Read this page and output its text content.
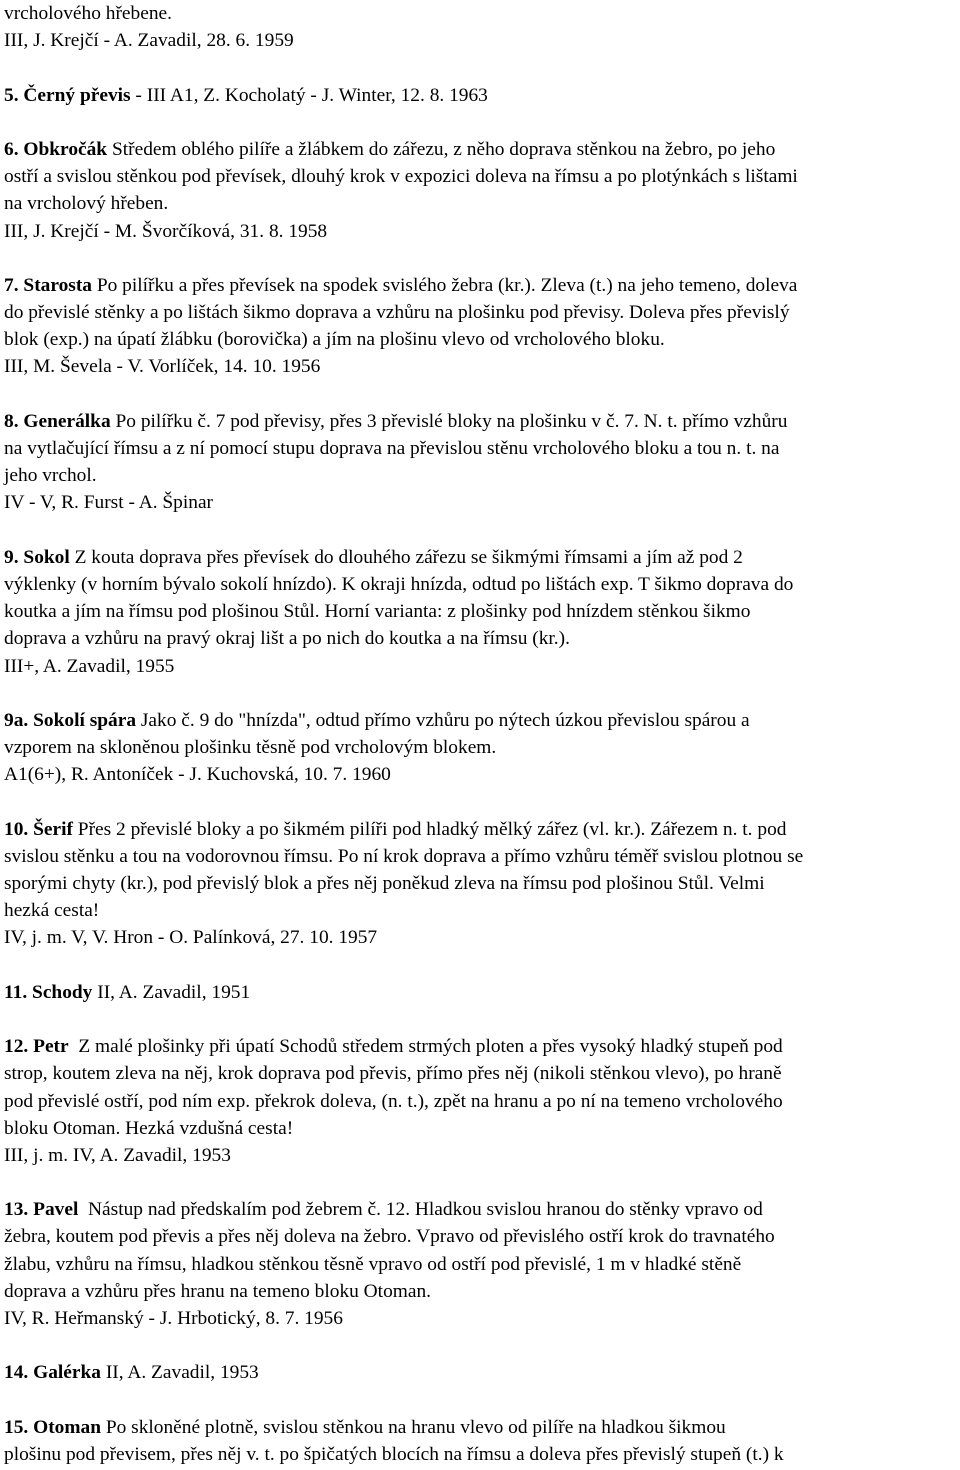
vrcholového hřebene.
III, J. Krejčí - A. Zavadil, 28. 6. 1959
5. Černý převis - III A1, Z. Kocholatý - J. Winter, 12. 8. 1963
6. Obkročák Středem oblého pilíře a žlábkem do zářezu, z něho doprava stěnkou na žebro, po jeho
ostří a svislou stěnkou pod převísek, dlouhý krok v expozici doleva na římsu a po plotýnkách s lištami
na vrcholový hřeben.
III, J. Krejčí - M. Švorčíková, 31. 8. 1958
7. Starosta Po pilířku a přes převísek na spodek svislého žebra (kr.). Zleva (t.) na jeho temeno, doleva
do převislé stěnky a po lištách šikmo doprava a vzhůru na plošinku pod převisy. Doleva přes převislý
blok (exp.) na úpatí žlábku (borovička) a jím na plošinu vlevo od vrcholového bloku.
III, M. Ševela - V. Vorlíček, 14. 10. 1956
8. Generálka Po pilířku č. 7 pod převisy, přes 3 převislé bloky na plošinku v č. 7. N. t. přímo vzhůru
na vytlačující římsu a z ní pomocí stupu doprava na převislou stěnu vrcholového bloku a tou n. t. na
jeho vrchol.
IV - V, R. Furst - A. Špinar
9. Sokol Z kouta doprava přes převísek do dlouhého zářezu se šikmými římsami a jím až pod 2
výklenky (v horním bývalo sokolí hnízdo). K okraji hnízda, odtud po lištách exp. T šikmo doprava do
koutka a jím na římsu pod plošinou Stůl. Horní varianta: z plošinky pod hnízdem stěnkou šikmo
doprava a vzhůru na pravý okraj lišt a po nich do koutka a na římsu (kr.).
III+, A. Zavadil, 1955
9a. Sokolí spára Jako č. 9 do "hnízda", odtud přímo vzhůru po nýtech úzkou převislou spárou a
vzporem na skloněnou plošinku těsně pod vrcholovým blokem.
A1(6+), R. Antoníček - J. Kuchovská, 10. 7. 1960
10. Šerif Přes 2 převislé bloky a po šikmém pilíři pod hladký mělký zářez (vl. kr.). Zářezem n. t. pod
svislou stěnku a tou na vodorovnou římsu. Po ní krok doprava a přímo vzhůru téměř svislou plotnou se
sporými chyty (kr.), pod převislý blok a přes něj poněkud zleva na římsu pod plošinou Stůl. Velmi
hezká cesta!
IV, j. m. V, V. Hron - O. Palínková, 27. 10. 1957
11. Schody II, A. Zavadil, 1951
12. Petr  Z malé plošinky při úpatí Schodů středem strmých ploten a přes vysoký hladký stupeň pod
strop, koutem zleva na něj, krok doprava pod převis, přímo přes něj (nikoli stěnkou vlevo), po hraně
pod převislé ostří, pod ním exp. překrok doleva, (n. t.), zpět na hranu a po ní na temeno vrcholového
bloku Otoman. Hezká vzdušná cesta!
III, j. m. IV, A. Zavadil, 1953
13. Pavel  Nástup nad předskalím pod žebrem č. 12. Hladkou svislou hranou do stěnky vpravo od
žebra, koutem pod převis a přes něj doleva na žebro. Vpravo od převislého ostří krok do travnatého
žlabu, vzhůru na římsu, hladkou stěnkou těsně vpravo od ostří pod převislé, 1 m v hladké stěně
doprava a vzhůru přes hranu na temeno bloku Otoman.
IV, R. Heřmanský - J. Hrbotický, 8. 7. 1956
14. Galérka II, A. Zavadil, 1953
15. Otoman Po skloněné plotně, svislou stěnkou na hranu vlevo od pilíře na hladkou šikmou
plošinu pod převisem, přes něj v. t. po špičatých blocích na římsu a doleva přes převislý stupeň (t.) k
